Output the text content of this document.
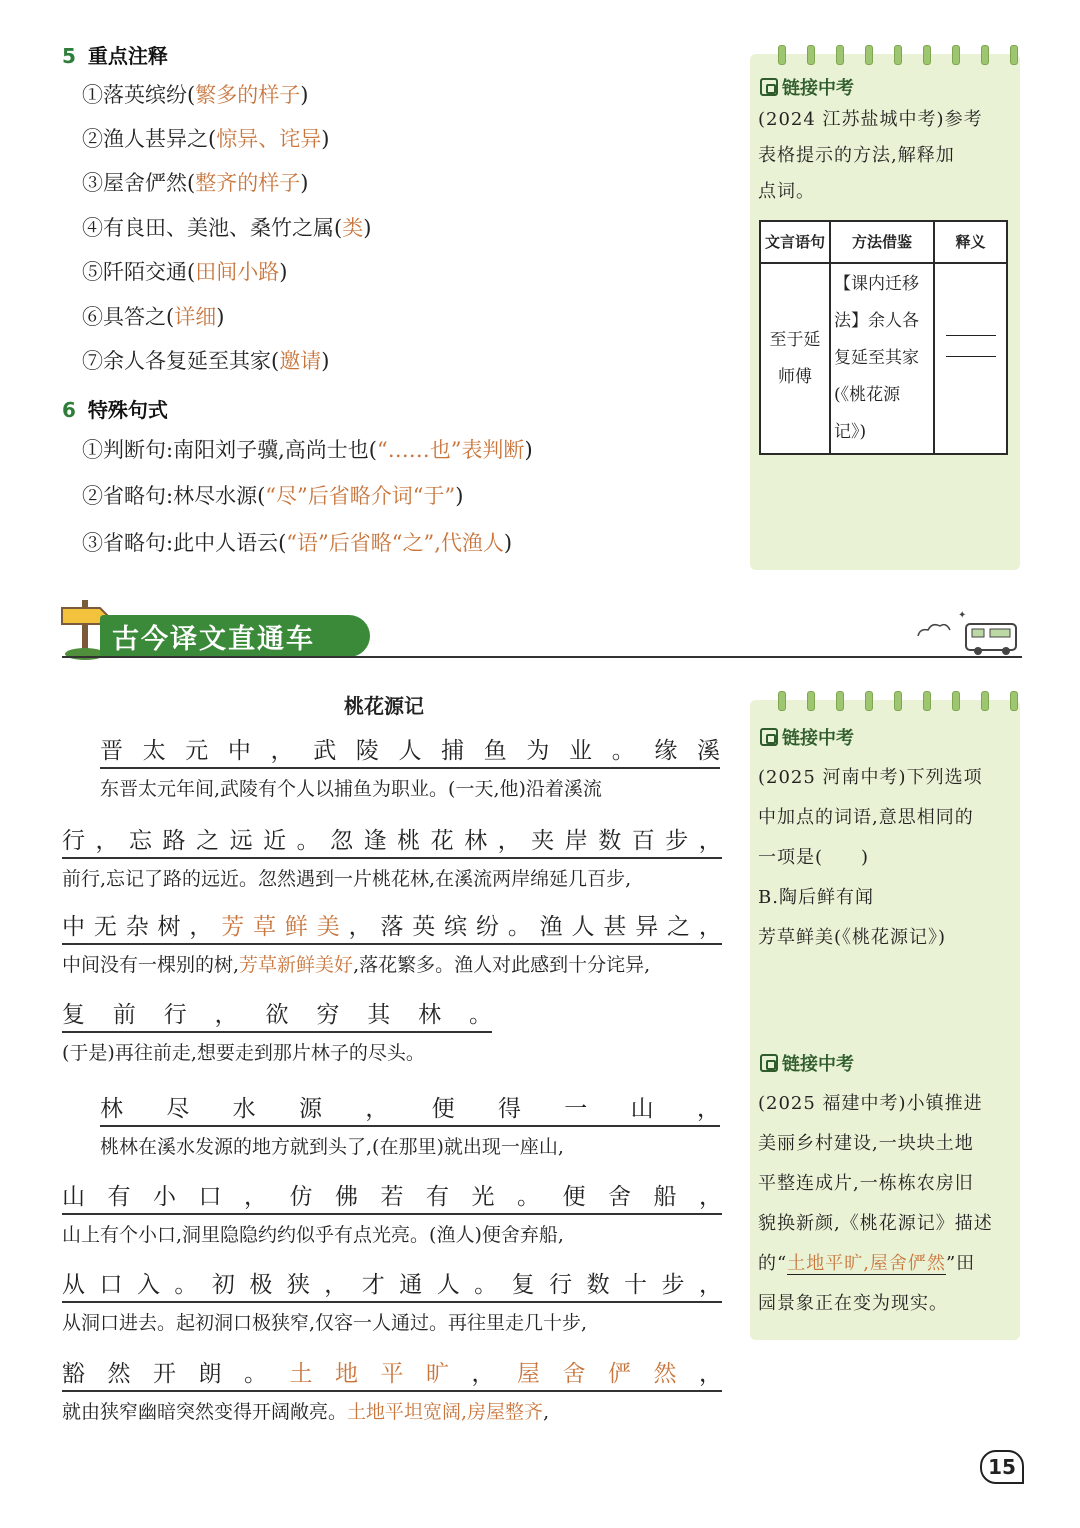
5 重点注释
①落英缤纷(繁多的样子)
②渔人甚异之(惊异、诧异)
③屋舍俨然(整齐的样子)
④有良田、美池、桑竹之属(类)
⑤阡陌交通(田间小路)
⑥具答之(详细)
⑦余人各复延至其家(邀请)
6 特殊句式
①判断句:南阳刘子骥,高尚士也(“……也”表判断)
②省略句:林尽水源(“尽”后省略介词“于”)
③省略句:此中人语云(“语”后省略“之”,代渔人)
链接中考
(2024 江苏盐城中考)参考
表格提示的方法,解释加
点词。
文言语句	方法借鉴	释义
至于延师傅	【课内迁移法】余人各复延至其家(《桃花源记》)	
古今译文直通车
✦
桃花源记
晋 太 元 中 ， 武 陵 人 捕 鱼 为 业 。 缘 溪
东晋太元年间,武陵有个人以捕鱼为职业。(一天,他)沿着溪流
行 ， 忘 路 之 远 近 。 忽 逢 桃 花 林 ， 夹 岸 数 百 步 ，
前行,忘记了路的远近。忽然遇到一片桃花林,在溪流两岸绵延几百步,
中 无 杂 树 ， 芳 草 鲜 美 ， 落 英 缤 纷 。 渔 人 甚 异 之 ，
中间没有一棵别的树,芳草新鲜美好,落花繁多。渔人对此感到十分诧异,
复 前 行 ， 欲 穷 其 林 。
(于是)再往前走,想要走到那片林子的尽头。
林 尽 水 源 ， 便 得 一 山 ，
桃林在溪水发源的地方就到头了,(在那里)就出现一座山,
山 有 小 口 ， 仿 佛 若 有 光 。 便 舍 船 ，
山上有个小口,洞里隐隐约约似乎有点光亮。(渔人)便舍弃船,
从 口 入 。 初 极 狭 ， 才 通 人 。 复 行 数 十 步 ，
从洞口进去。起初洞口极狭窄,仅容一人通过。再往里走几十步,
豁 然 开 朗 。 土 地 平 旷 ， 屋 舍 俨 然 ，
就由狭窄幽暗突然变得开阔敞亮。土地平坦宽阔,房屋整齐,
链接中考
(2025 河南中考)下列选项
中加点的词语,意思相同的
一项是(　　)
B.陶后鲜有闻
芳草鲜美(《桃花源记》)
链接中考
(2025 福建中考)小镇推进
美丽乡村建设,一块块土地
平整连成片,一栋栋农房旧
貌换新颜,《桃花源记》描述
的“土地平旷,屋舍俨然”田
园景象正在变为现实。
15
